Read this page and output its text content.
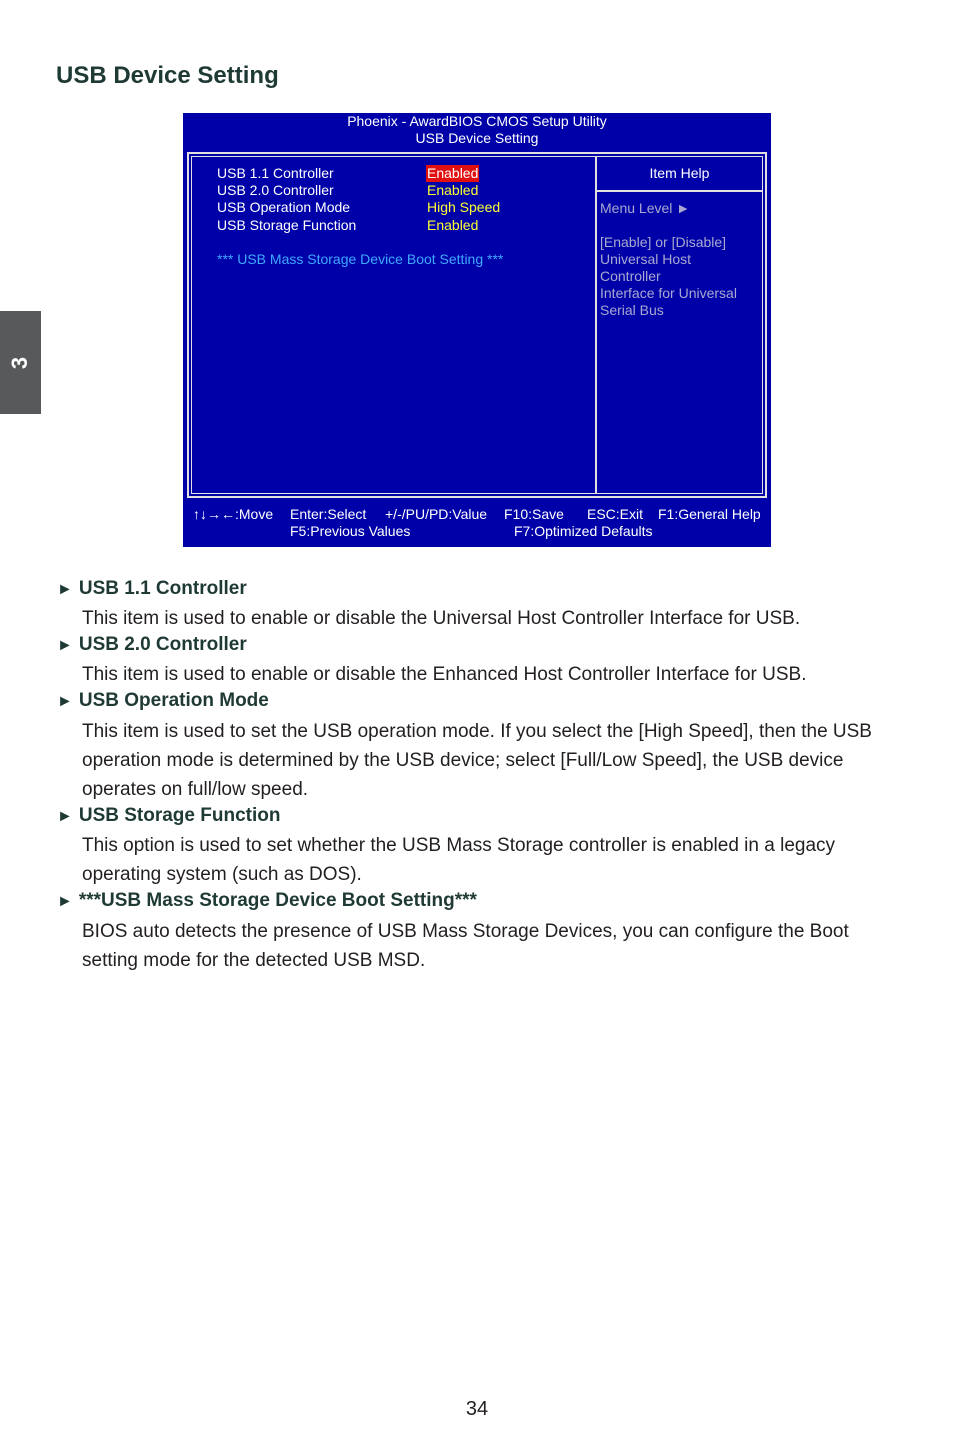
3
USB Device Setting
Phoenix - AwardBIOS CMOS Setup Utility
USB Device Setting
USB 1.1 Controller	Enabled
USB 2.0 Controller	Enabled
USB Operation Mode	High Speed
USB Storage Function	Enabled
*** USB Mass Storage Device Boot Setting ***
Item Help
Menu Level ►

[Enable] or [Disable]
Universal Host
Controller
Interface for Universal
Serial Bus
↑↓→←:Move Enter:Select +/-/PU/PD:Value F10:Save ESC:Exit F1:General Help
F5:Previous Values	F7:Optimized Defaults
► USB 1.1 Controller

This item is used to enable or disable the Universal Host Controller Interface for USB.

► USB 2.0 Controller

This item is used to enable or disable the Enhanced Host Controller Interface for USB.

► USB Operation Mode

This item is used to set the USB operation mode. If you select the [High Speed], then the USB
operation mode is determined by the USB device; select [Full/Low Speed], the USB device
operates on full/low speed.

► USB Storage Function

This option is used to set whether the USB Mass Storage controller is enabled in a legacy
operating system (such as DOS).

► ***USB Mass Storage Device Boot Setting***

BIOS auto detects the presence of USB Mass Storage Devices, you can configure the Boot
setting mode for the detected USB MSD.

34
